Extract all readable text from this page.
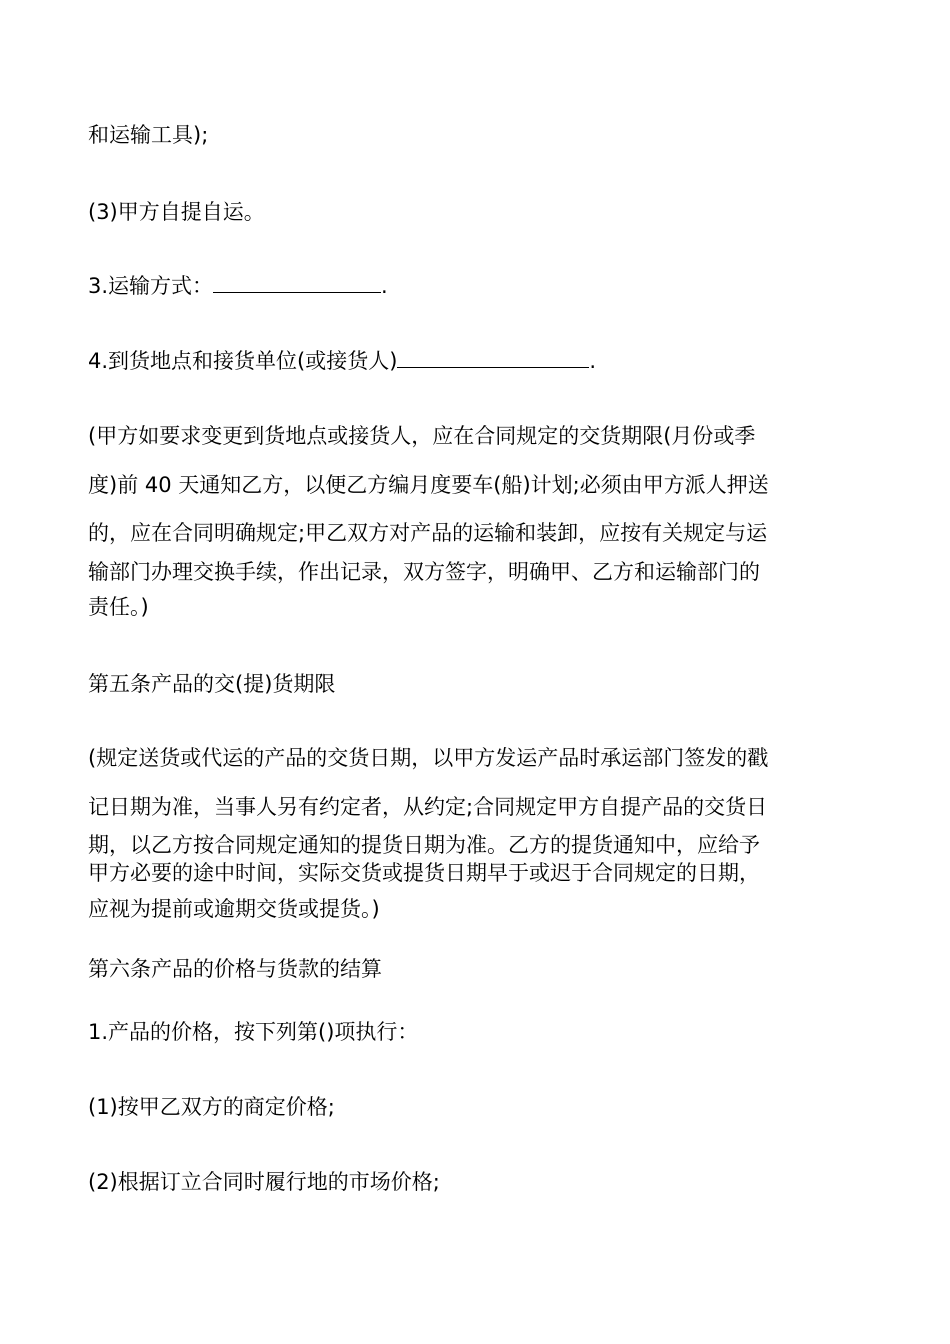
和运输工具);
(3)甲方自提自运。
3.运输方式：	.
4.到货地点和接货单位(或接货人)	.
(甲方如要求变更到货地点或接货人，应在合同规定的交货期限(月份或季
度)前 40 天通知乙方，以便乙方编月度要车(船)计划;必须由甲方派人押送
的，应在合同明确规定;甲乙双方对产品的运输和装卸，应按有关规定与运
输部门办理交换手续，作出记录，双方签字，明确甲、乙方和运输部门的
责任。)
第五条产品的交(提)货期限
(规定送货或代运的产品的交货日期，以甲方发运产品时承运部门签发的戳
记日期为准，当事人另有约定者，从约定;合同规定甲方自提产品的交货日
期，以乙方按合同规定通知的提货日期为准。乙方的提货通知中，应给予
甲方必要的途中时间，实际交货或提货日期早于或迟于合同规定的日期，
应视为提前或逾期交货或提货。)
第六条产品的价格与货款的结算
1.产品的价格，按下列第()项执行：
(1)按甲乙双方的商定价格;
(2)根据订立合同时履行地的市场价格;
